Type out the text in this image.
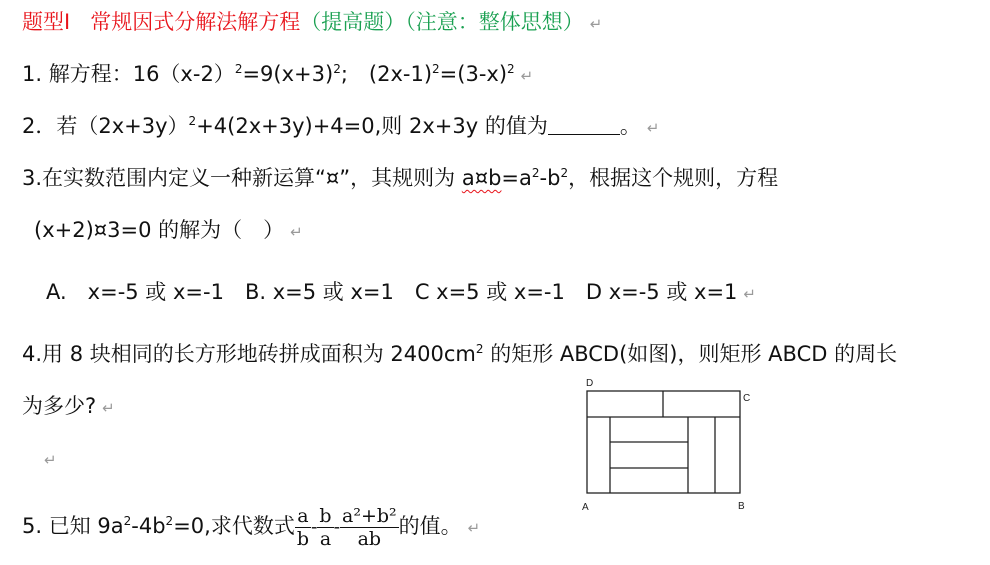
题型Ⅰ 常规因式分解法解方程（提高题）（注意：整体思想） ↵
1. 解方程：$16(x-2)^2=9(x+3)^2$;　$(2x-1)^2=(3-x)^2$ ↵
2．若$(2x+3y)^2+4(2x+3y)+4=0$,则 2x+3y 的值为	。 ↵
3.在实数范围内定义一种新运算“¤”，其规则为 $a¤b=a^2-b^2$，根据这个规则，方程
(x+2)¤3=0 的解为（　） ↵
A.　x=-5 或 x=-1　B. x=5 或 x=1　C x=5 或 x=-1　D x=-5 或 x=1 ↵
4.用 8 块相同的长方形地砖拼成面积为 $2400cm^2$ 的矩形 ABCD(如图)，则矩形 ABCD 的周长
为多少? ↵
↵
D
C
A	B
5. 已知 $9a^2-4b^2=0$,求代数式 $\frac{a}{b} - \frac{b}{a} - \frac{\text{a²+b²}}{ab}$ 的值。 ↵
